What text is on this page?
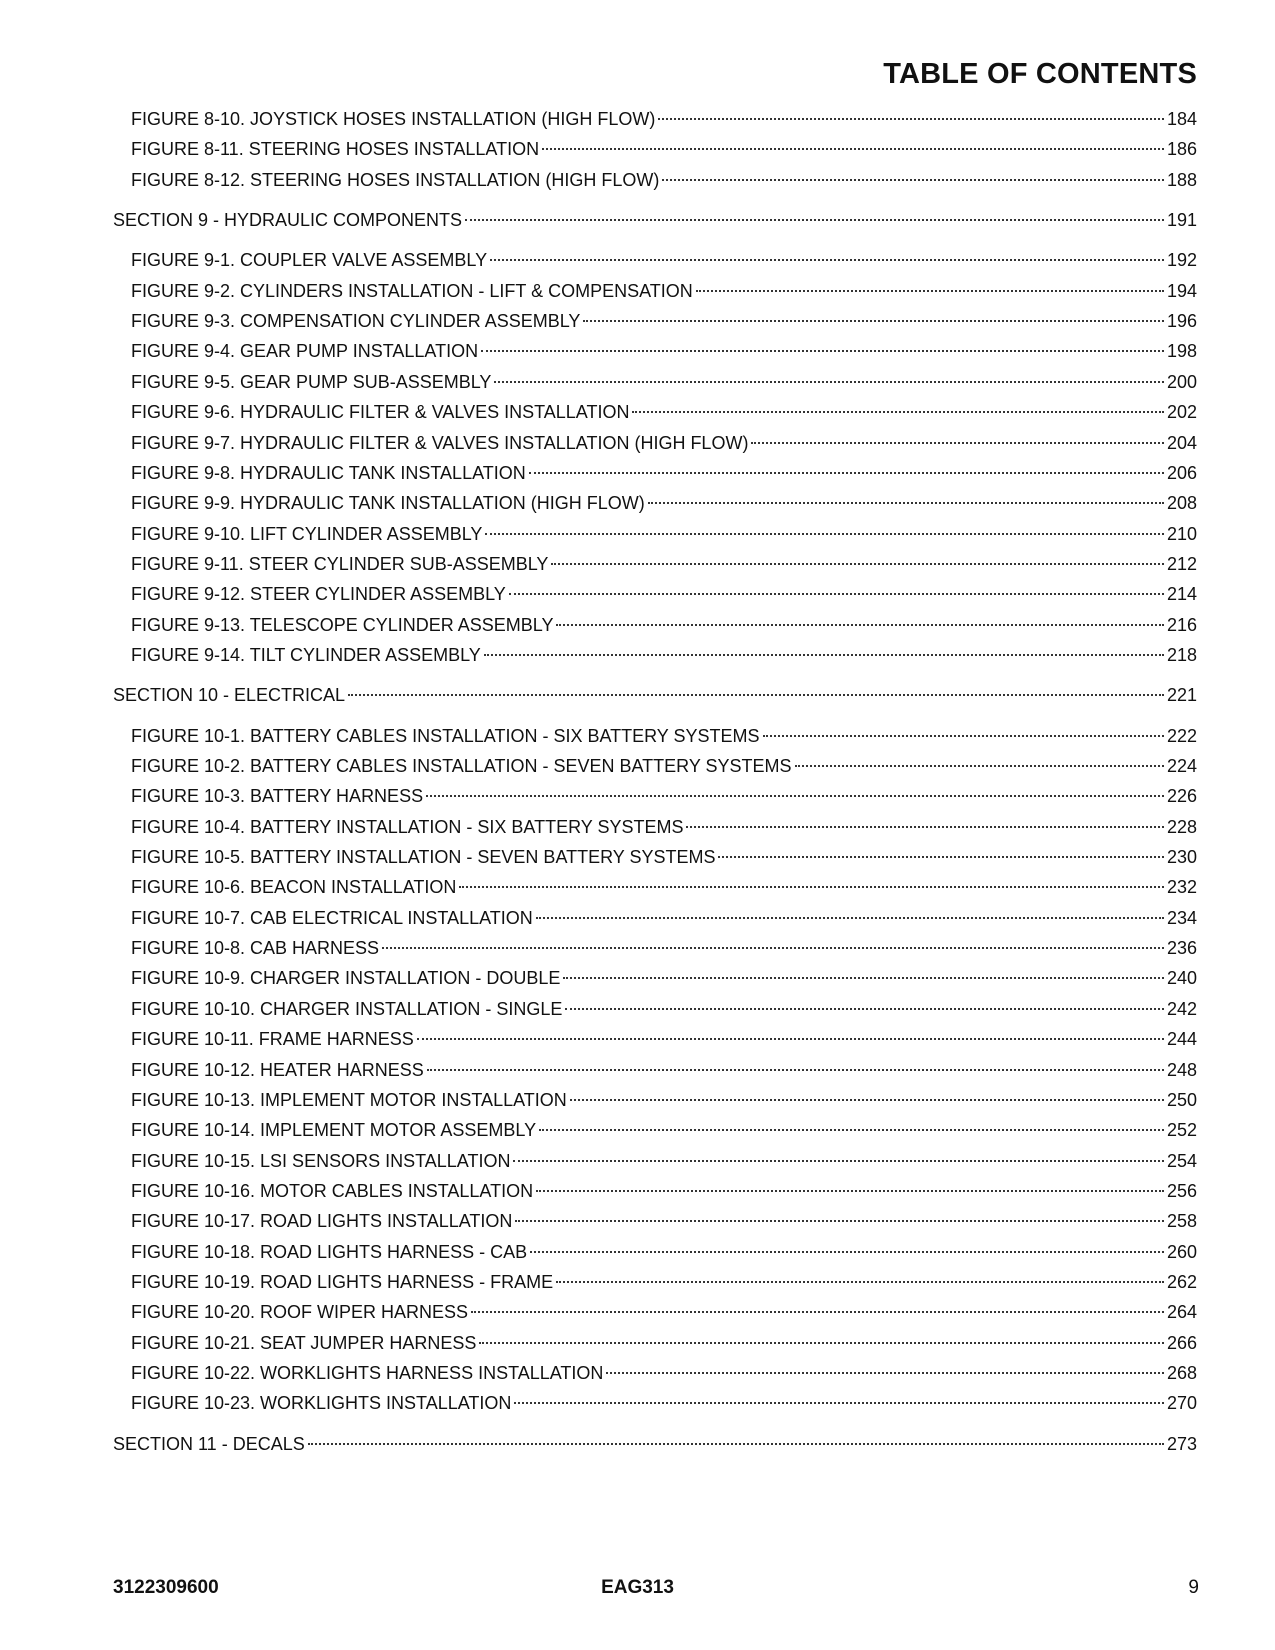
TABLE OF CONTENTS
FIGURE 8-10. JOYSTICK HOSES INSTALLATION (HIGH FLOW)	184
FIGURE 8-11. STEERING HOSES INSTALLATION	186
FIGURE 8-12. STEERING HOSES INSTALLATION (HIGH FLOW)	188
SECTION 9 - HYDRAULIC COMPONENTS	191
FIGURE 9-1. COUPLER VALVE ASSEMBLY	192
FIGURE 9-2. CYLINDERS INSTALLATION - LIFT & COMPENSATION	194
FIGURE 9-3. COMPENSATION CYLINDER ASSEMBLY	196
FIGURE 9-4. GEAR PUMP INSTALLATION	198
FIGURE 9-5. GEAR PUMP SUB-ASSEMBLY	200
FIGURE 9-6. HYDRAULIC FILTER & VALVES INSTALLATION	202
FIGURE 9-7. HYDRAULIC FILTER & VALVES INSTALLATION (HIGH FLOW)	204
FIGURE 9-8. HYDRAULIC TANK INSTALLATION	206
FIGURE 9-9. HYDRAULIC TANK INSTALLATION (HIGH FLOW)	208
FIGURE 9-10. LIFT CYLINDER ASSEMBLY	210
FIGURE 9-11. STEER CYLINDER SUB-ASSEMBLY	212
FIGURE 9-12. STEER CYLINDER ASSEMBLY	214
FIGURE 9-13. TELESCOPE CYLINDER ASSEMBLY	216
FIGURE 9-14. TILT CYLINDER ASSEMBLY	218
SECTION 10 - ELECTRICAL	221
FIGURE 10-1. BATTERY CABLES INSTALLATION - SIX BATTERY SYSTEMS	222
FIGURE 10-2. BATTERY CABLES INSTALLATION - SEVEN BATTERY SYSTEMS	224
FIGURE 10-3. BATTERY HARNESS	226
FIGURE 10-4. BATTERY INSTALLATION - SIX BATTERY SYSTEMS	228
FIGURE 10-5. BATTERY INSTALLATION - SEVEN BATTERY SYSTEMS	230
FIGURE 10-6. BEACON INSTALLATION	232
FIGURE 10-7. CAB ELECTRICAL INSTALLATION	234
FIGURE 10-8. CAB HARNESS	236
FIGURE 10-9. CHARGER INSTALLATION - DOUBLE	240
FIGURE 10-10. CHARGER INSTALLATION - SINGLE	242
FIGURE 10-11. FRAME HARNESS	244
FIGURE 10-12. HEATER HARNESS	248
FIGURE 10-13. IMPLEMENT MOTOR INSTALLATION	250
FIGURE 10-14. IMPLEMENT MOTOR ASSEMBLY	252
FIGURE 10-15. LSI SENSORS INSTALLATION	254
FIGURE 10-16. MOTOR CABLES INSTALLATION	256
FIGURE 10-17. ROAD LIGHTS INSTALLATION	258
FIGURE 10-18. ROAD LIGHTS HARNESS - CAB	260
FIGURE 10-19. ROAD LIGHTS HARNESS - FRAME	262
FIGURE 10-20. ROOF WIPER HARNESS	264
FIGURE 10-21. SEAT JUMPER HARNESS	266
FIGURE 10-22. WORKLIGHTS HARNESS INSTALLATION	268
FIGURE 10-23. WORKLIGHTS INSTALLATION	270
SECTION 11 - DECALS	273

3122309600	EAG313	9
